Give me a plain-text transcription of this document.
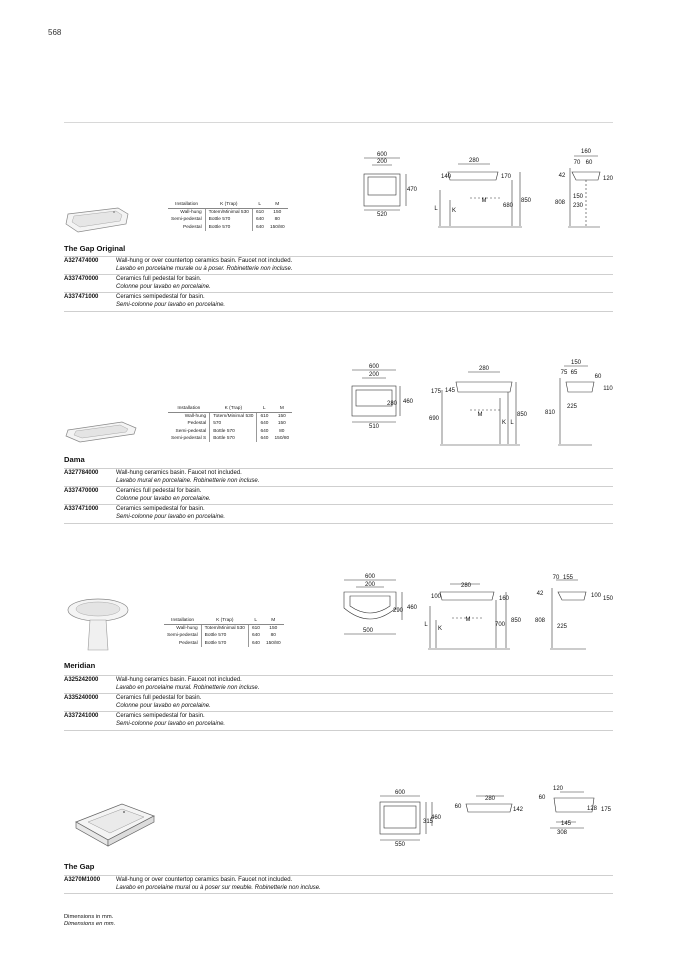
568
Installation	K (Trap)	L	M
Wall-hung	Totem/Minimal 530	610	150
Semi-pedestal	Bottle 570	640	80
Pedestal	Bottle 570	640	150/80
600
200
470
520
280
140	170
M
L K
680
850
160
70 60
42	120
150
808 230
The Gap Original
A327474000	Wall-hung or over countertop ceramics basin. Faucet not included.
Lavabo en porcelaine murale ou à poser. Robinetterie non incluse.

A337470000	Ceramics full pedestal for basin.
Colonne pour lavabo en porcelaine.

A337471000	Ceramics semipedestal for basin.
Semi-colonne pour lavabo en porcelaine.
Installation	K (Trap)	L	M
Wall-hung	Totem/Minimal 530	610	150
Pedestal	570	640	150
Semi-pedestal	Bottle 570	640	80
Semi-pedestal S	Bottle 570	640	150/80
600
200
460
280
510
280
175 145
M
K L
690
850
150
75 65
60
110
225
810
Dama
A327784000	Wall-hung ceramics basin. Faucet not included.
Lavabo mural en porcelaine. Robinetterie non incluse.

A337470000	Ceramics full pedestal for basin.
Colonne pour lavabo en porcelaine.

A337471000	Ceramics semipedestal for basin.
Semi-colonne pour lavabo en porcelaine.
Installation	K (Trap)	L	M
Wall-hung	Totem/Minimal 530	610	150
Semi-pedestal	Bottle 570	640	80
Pedestal	Bottle 570	640	150/80
600
200
460
290
500
280
100	160
M
L
K
700
850
70 155
42	100 150
225
808
Meridian
A325242000	Wall-hung ceramics basin. Faucet not included.
Lavabo en porcelaine mural. Robinetterie non incluse.

A335240000	Ceramics full pedestal for basin.
Colonne pour lavabo en porcelaine.

A337241000	Ceramics semipedestal for basin.
Semi-colonne pour lavabo en porcelaine.
600
460
315
550
280
60	142
120
60
128 175
145
308
The Gap
A3270M1000	Wall-hung or over countertop ceramics basin. Faucet not included.
Lavabo en porcelaine mural ou à poser sur meuble. Robinetterie non incluse.
Dimensions in mm.
Dimensions en mm.
